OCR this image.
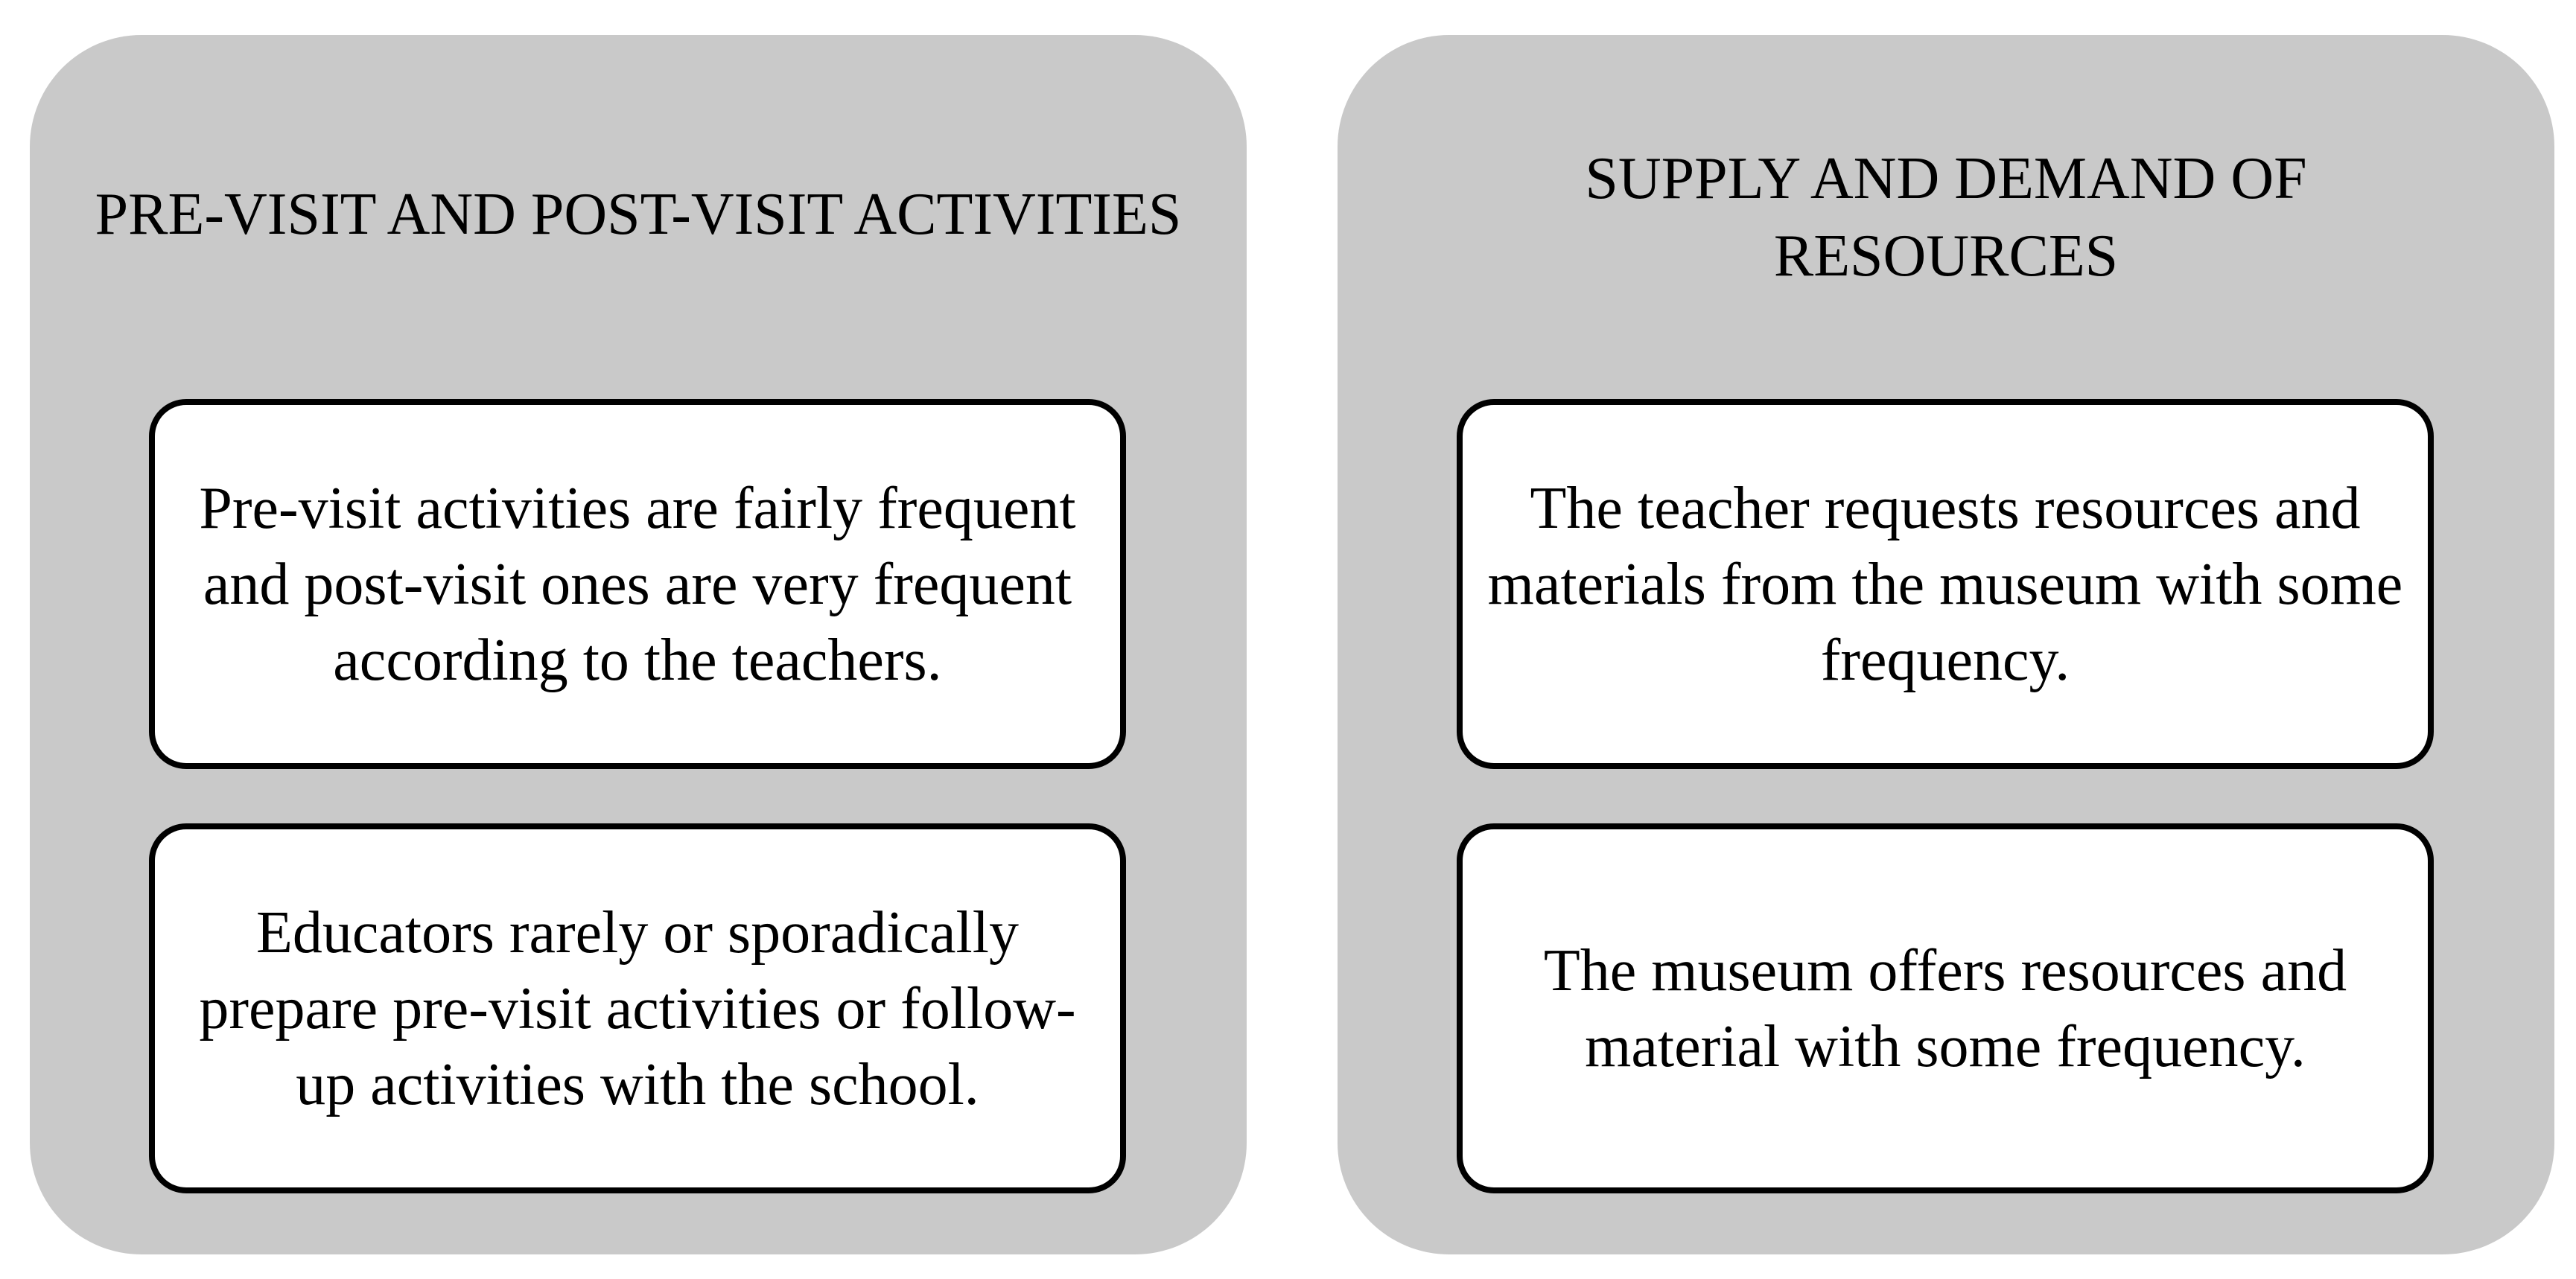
PRE-VISIT AND POST-VISIT ACTIVITIES
Pre-visit activities are fairly frequent and post-visit ones are very frequent according to the teachers.
Educators rarely or sporadically prepare pre-visit activities or follow-up activities with the school.
SUPPLY AND DEMAND OF RESOURCES
The teacher requests resources and materials from the museum with some frequency.
The museum offers resources and material with some frequency.
